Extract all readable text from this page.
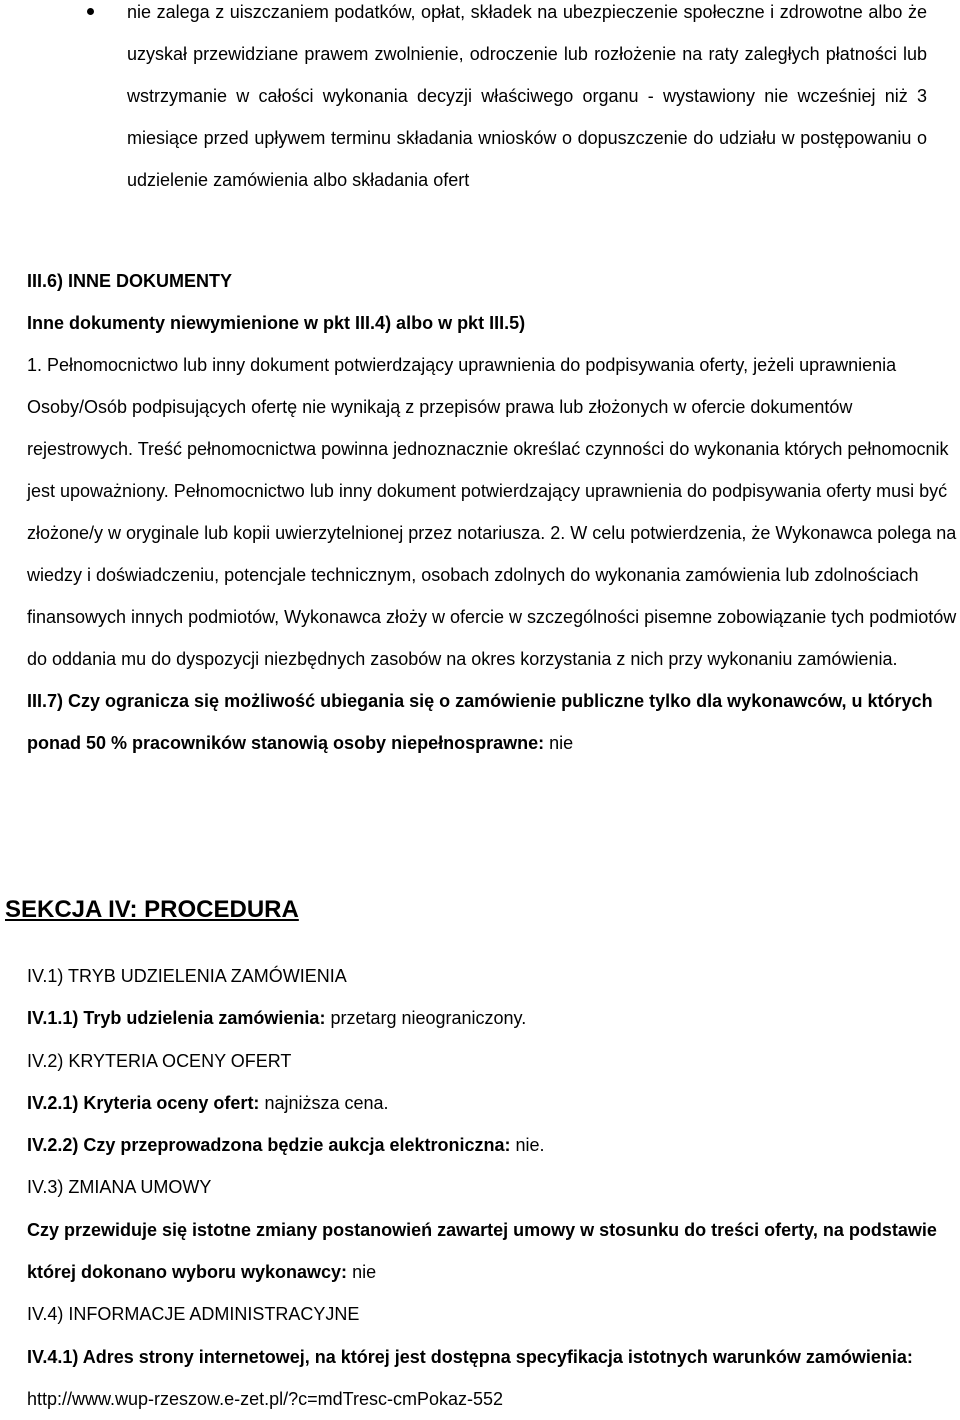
nie zalega z uiszczaniem podatków, opłat, składek na ubezpieczenie społeczne i zdrowotne albo że uzyskał przewidziane prawem zwolnienie, odroczenie lub rozłożenie na raty zaległych płatności lub wstrzymanie w całości wykonania decyzji właściwego organu - wystawiony nie wcześniej niż 3 miesiące przed upływem terminu składania wniosków o dopuszczenie do udziału w postępowaniu o udzielenie zamówienia albo składania ofert

III.6) INNE DOKUMENTY

Inne dokumenty niewymienione w pkt III.4) albo w pkt III.5)

1. Pełnomocnictwo lub inny dokument potwierdzający uprawnienia do podpisywania oferty, jeżeli uprawnienia Osoby/Osób podpisujących ofertę nie wynikają z przepisów prawa lub złożonych w ofercie dokumentów rejestrowych. Treść pełnomocnictwa powinna jednoznacznie określać czynności do wykonania których pełnomocnik jest upoważniony. Pełnomocnictwo lub inny dokument potwierdzający uprawnienia do podpisywania oferty musi być złożone/y w oryginale lub kopii uwierzytelnionej przez notariusza. 2. W celu potwierdzenia, że Wykonawca polega na wiedzy i doświadczeniu, potencjale technicznym, osobach zdolnych do wykonania zamówienia lub zdolnościach finansowych innych podmiotów, Wykonawca złoży w ofercie w szczególności pisemne zobowiązanie tych podmiotów do oddania mu do dyspozycji niezbędnych zasobów na okres korzystania z nich przy wykonaniu zamówienia.

III.7) Czy ogranicza się możliwość ubiegania się o zamówienie publiczne tylko dla wykonawców, u których ponad 50 % pracowników stanowią osoby niepełnosprawne: nie

SEKCJA IV: PROCEDURA

IV.1) TRYB UDZIELENIA ZAMÓWIENIA

IV.1.1) Tryb udzielenia zamówienia: przetarg nieograniczony.

IV.2) KRYTERIA OCENY OFERT

IV.2.1) Kryteria oceny ofert: najniższa cena.

IV.2.2) Czy przeprowadzona będzie aukcja elektroniczna: nie.

IV.3) ZMIANA UMOWY

Czy przewiduje się istotne zmiany postanowień zawartej umowy w stosunku do treści oferty, na podstawie której dokonano wyboru wykonawcy: nie

IV.4) INFORMACJE ADMINISTRACYJNE

IV.4.1) Adres strony internetowej, na której jest dostępna specyfikacja istotnych warunków zamówienia: http://www.wup-rzeszow.e-zet.pl/?c=mdTresc-cmPokaz-552
